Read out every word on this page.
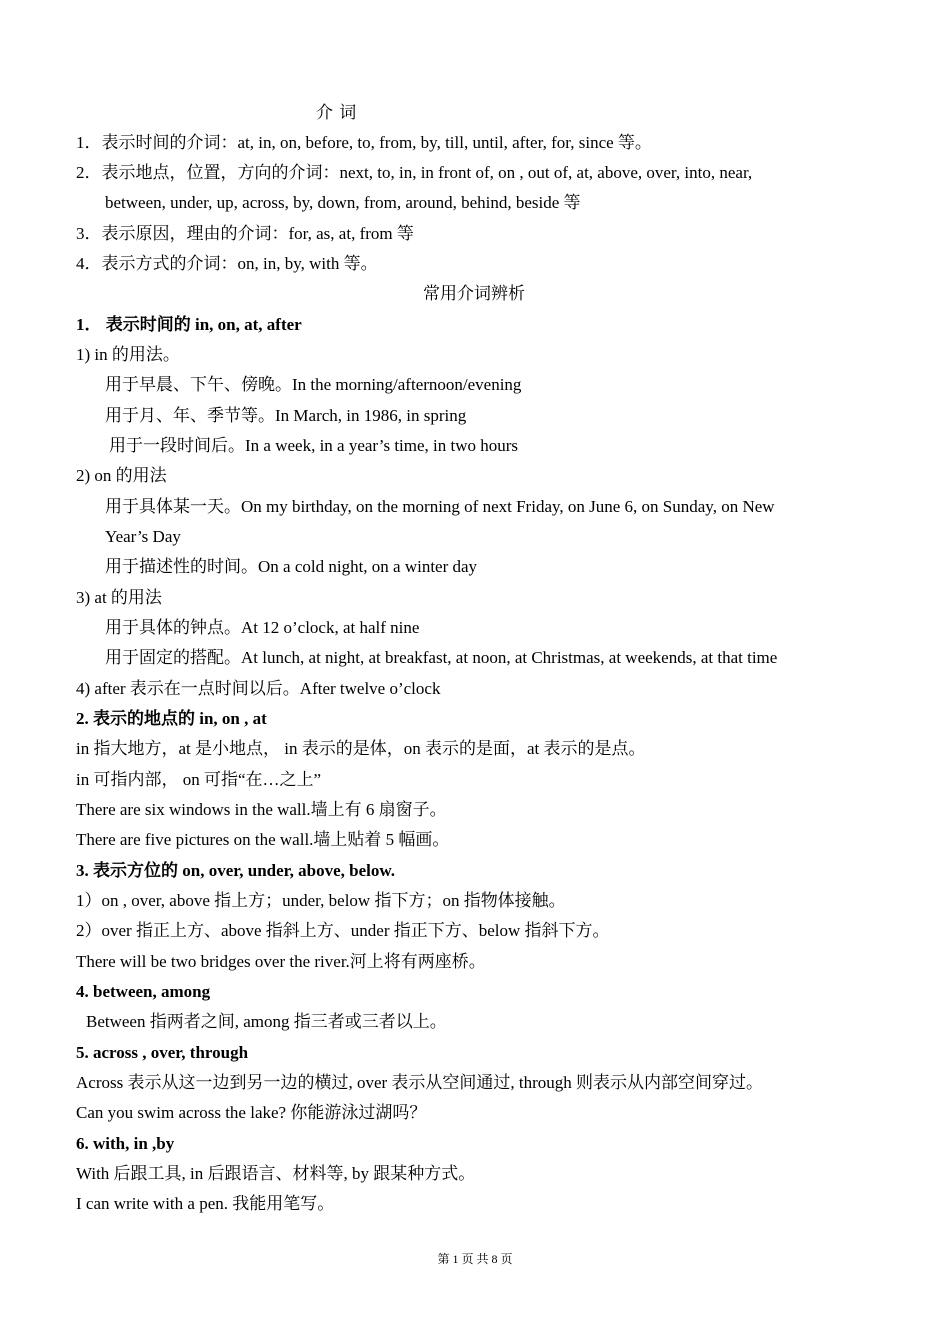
介 词
1．表示时间的介词：at, in, on, before, to, from, by, till, until, after, for, since 等。
2．表示地点，位置，方向的介词：next, to, in, in front of, on , out of, at, above, over, into, near,
between, under, up, across, by, down, from, around, behind, beside 等
3．表示原因，理由的介词：for, as, at, from 等
4．表示方式的介词：on, in, by, with 等。
常用介词辨析
1． 表示时间的 in, on, at, after
1) in 的用法。
用于早晨、下午、傍晚。In the morning/afternoon/evening
用于月、年、季节等。In March, in 1986, in spring
用于一段时间后。In a week, in a year’s time, in two hours
2) on 的用法
用于具体某一天。On my birthday, on the morning of next Friday, on June 6, on Sunday, on New
Year’s Day
用于描述性的时间。On a cold night, on a winter day
3) at 的用法
用于具体的钟点。At 12 o’clock, at half nine
用于固定的搭配。At lunch, at night, at breakfast, at noon, at Christmas, at weekends, at that time
4) after 表示在一点时间以后。After twelve o’clock
2. 表示的地点的 in, on , at
in 指大地方，at 是小地点， in 表示的是体，on 表示的是面，at 表示的是点。
in 可指内部， on 可指“在…之上”
There are six windows in the wall.墙上有 6 扇窗子。
There are five pictures on the wall.墙上贴着 5 幅画。
3. 表示方位的 on, over, under, above, below.
1）on , over, above 指上方；under, below 指下方；on 指物体接触。
2）over 指正上方、above 指斜上方、under 指正下方、below 指斜下方。
There will be two bridges over the river.河上将有两座桥。
4. between, among
Between 指两者之间, among 指三者或三者以上。
5. across , over, through
Across 表示从这一边到另一边的横过, over 表示从空间通过, through 则表示从内部空间穿过。
Can you swim across the lake? 你能游泳过湖吗？
6. with, in ,by
With 后跟工具, in 后跟语言、材料等, by 跟某种方式。
I can write with a pen. 我能用笔写。
第 1 页 共 8 页
